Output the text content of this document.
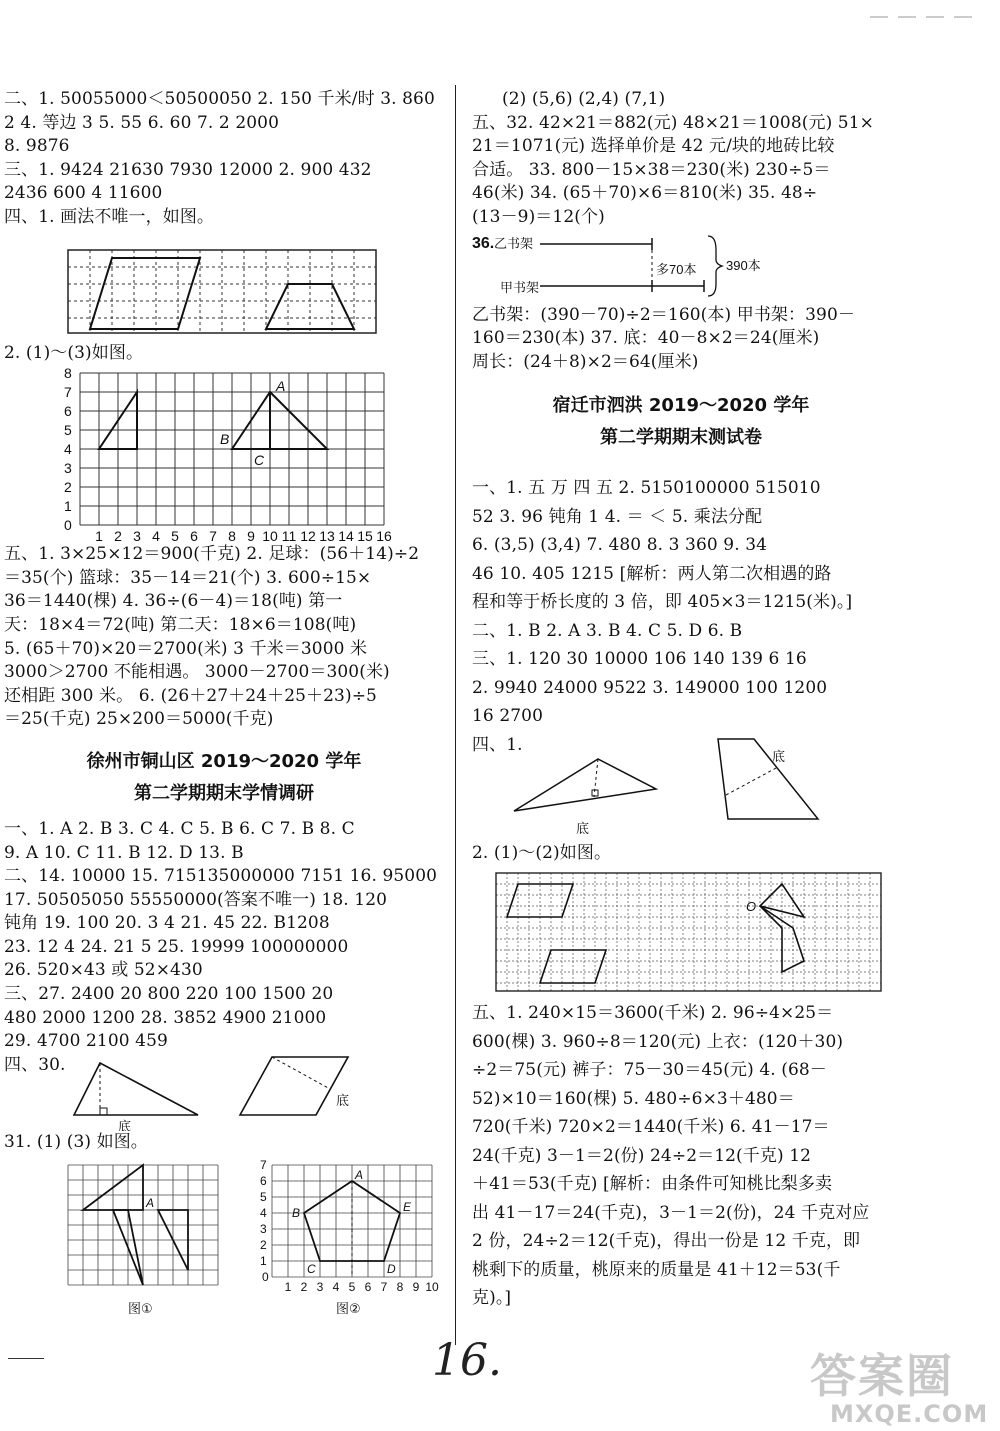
二、1. 50055000＜50500050 2. 150 千米/时 3. 860
2 4. 等边 3 5. 55 6. 60 7. 2 2000
8. 9876
三、1. 9424 21630 7930 12000 2. 900 432
2436 600 4 11600
四、1. 画法不唯一，如图。
2. (1)～(3)如图。
8
7
6
5
4
3
2
1
0
1 2 3 4 5 6 7 8 9 10 11 12 13 14 15 16
A
B
C
五、1. 3×25×12＝900(千克) 2. 足球：(56＋14)÷2
＝35(个) 篮球：35－14＝21(个) 3. 600÷15×
36＝1440(棵) 4. 36÷(6－4)＝18(吨) 第一
天：18×4＝72(吨) 第二天：18×6＝108(吨)
5. (65＋70)×20＝2700(米) 3 千米＝3000 米
3000＞2700 不能相遇。 3000－2700＝300(米)
还相距 300 米。 6. (26＋27＋24＋25＋23)÷5
＝25(千克) 25×200＝5000(千克)
徐州市铜山区 2019～2020 学年
第二学期期末学情调研
一、1. A 2. B 3. C 4. C 5. B 6. C 7. B 8. C
9. A 10. C 11. B 12. D 13. B
二、14. 10000 15. 715135000000 7151 16. 95000
17. 50505050 55550000(答案不唯一) 18. 120
钝角 19. 100 20. 3 4 21. 45 22. B1208
23. 12 4 24. 21 5 25. 19999 100000000
26. 520×43 或 52×430
三、27. 2400 20 800 220 100 1500 20
480 2000 1200 28. 3852 4900 21000
29. 4700 2100 459
四、30.
底
底
31. (1) (3) 如图。
A
图①
7
6
5
4
3
2
1
0
1 2 3 4 5 6 7 8 9 10
A
B
C	D
E
图②
(2) (5,6) (2,4) (7,1)
五、32. 42×21＝882(元) 48×21＝1008(元) 51×
21＝1071(元) 选择单价是 42 元/块的地砖比较
合适。 33. 800－15×38＝230(米) 230÷5＝
46(米) 34. (65＋70)×6＝810(米) 35. 48÷
(13－9)＝12(个)
36. 乙书架
甲书架
多70本 390本
乙书架：(390－70)÷2＝160(本) 甲书架：390－
160＝230(本) 37. 底：40－8×2＝24(厘米)
周长：(24＋8)×2＝64(厘米)
宿迁市泗洪 2019～2020 学年
第二学期期末测试卷
一、1. 五 万 四 五 2. 5150100000 515010
52 3. 96 钝角 1 4. ＝ ＜ 5. 乘法分配
6. (3,5) (3,4) 7. 480 8. 3 360 9. 34
46 10. 405 1215 [解析：两人第二次相遇的路
程和等于桥长度的 3 倍，即 405×3＝1215(米)。]
二、1. B 2. A 3. B 4. C 5. D 6. B
三、1. 120 30 10000 106 140 139 6 16
2. 9940 24000 9522 3. 149000 100 1200
16 2700
四、1.
底
底
2. (1)～(2)如图。
O
五、1. 240×15＝3600(千米) 2. 96÷4×25＝
600(棵) 3. 960÷8＝120(元) 上衣：(120＋30)
÷2＝75(元) 裤子：75－30＝45(元) 4. (68－
52)×10＝160(棵) 5. 480÷6×3＋480＝
720(千米) 720×2＝1440(千米) 6. 41－17＝
24(千克) 3－1＝2(份) 24÷2＝12(千克) 12
＋41＝53(千克) [解析：由条件可知桃比梨多卖
出 41－17＝24(千克)，3－1＝2(份)，24 千克对应
2 份，24÷2＝12(千克)，得出一份是 12 千克，即
桃剩下的质量，桃原来的质量是 41＋12＝53(千
克)。]
16.	答案圈
MXQE.COM
